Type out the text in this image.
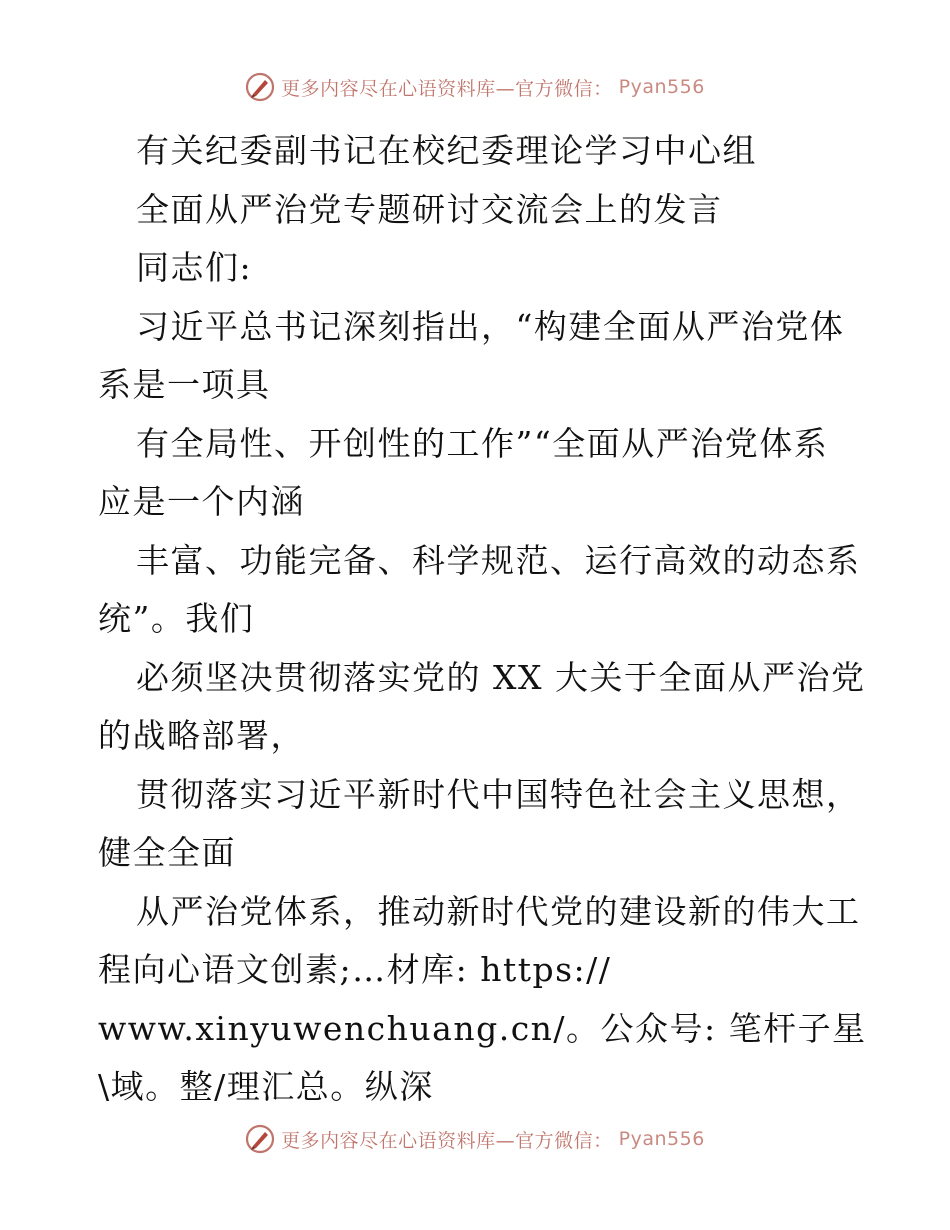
更多内容尽在心语资料库—官方微信： Pyan556
有关纪委副书记在校纪委理论学习中心组
全面从严治党专题研讨交流会上的发言
同志们:
习近平总书记深刻指出，“构建全面从严治党体
系是一项具
有全局性、开创性的工作”“全面从严治党体系
应是一个内涵
丰富、功能完备、科学规范、运行高效的动态系
统”。我们
必须坚决贯彻落实党的 XX 大关于全面从严治党
的战略部署，
贯彻落实习近平新时代中国特色社会主义思想，
健全全面
从严治党体系，推动新时代党的建设新的伟大工
程向心语文创素;…材库: https://
www.xinyuwenchuang.cn/。公众号: 笔杆子星
\域。整/理汇总。纵深
更多内容尽在心语资料库—官方微信： Pyan556
